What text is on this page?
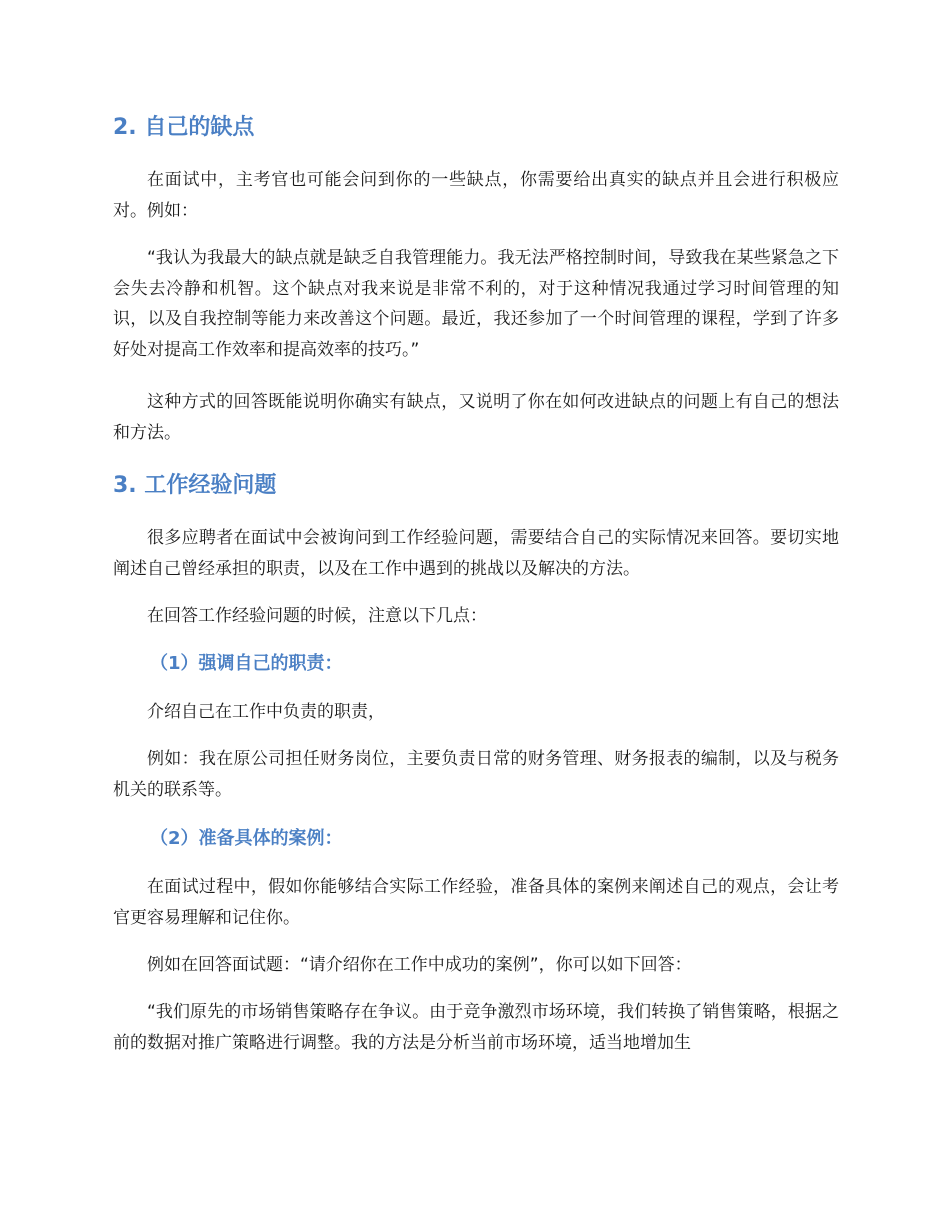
2. 自己的缺点

在面试中，主考官也可能会问到你的一些缺点，你需要给出真实的缺点并且会进行积极应对。例如：

“我认为我最大的缺点就是缺乏自我管理能力。我无法严格控制时间，导致我在某些紧急之下会失去冷静和机智。这个缺点对我来说是非常不利的，对于这种情况我通过学习时间管理的知识，以及自我控制等能力来改善这个问题。最近，我还参加了一个时间管理的课程，学到了许多好处对提高工作效率和提高效率的技巧。”

这种方式的回答既能说明你确实有缺点，又说明了你在如何改进缺点的问题上有自己的想法和方法。

3. 工作经验问题

很多应聘者在面试中会被询问到工作经验问题，需要结合自己的实际情况来回答。要切实地阐述自己曾经承担的职责，以及在工作中遇到的挑战以及解决的方法。

在回答工作经验问题的时候，注意以下几点：

（1）强调自己的职责：

介绍自己在工作中负责的职责，

例如：我在原公司担任财务岗位，主要负责日常的财务管理、财务报表的编制，以及与税务机关的联系等。

（2）准备具体的案例：

在面试过程中，假如你能够结合实际工作经验，准备具体的案例来阐述自己的观点，会让考官更容易理解和记住你。

例如在回答面试题：“请介绍你在工作中成功的案例”，你可以如下回答：

“我们原先的市场销售策略存在争议。由于竞争激烈市场环境，我们转换了销售策略，根据之前的数据对推广策略进行调整。我的方法是分析当前市场环境，适当地增加生
